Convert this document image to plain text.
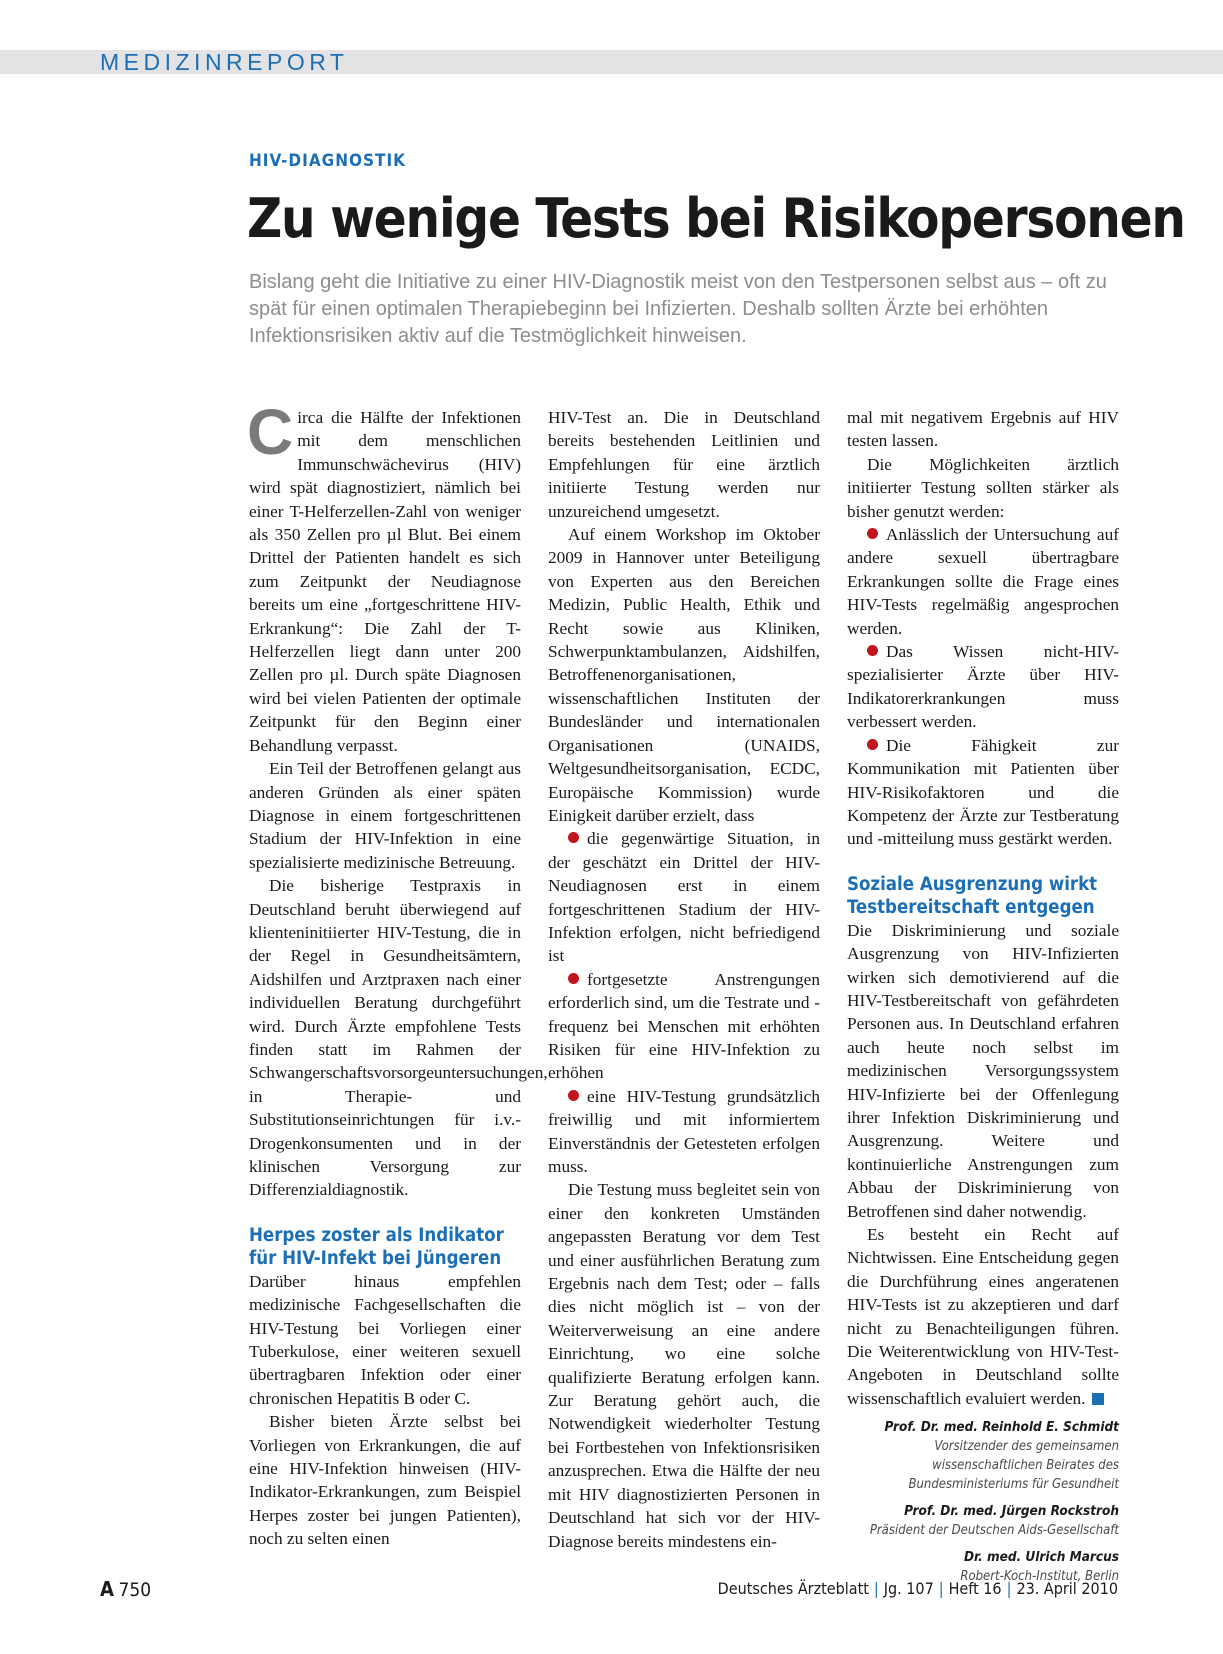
MEDIZINREPORT
HIV-DIAGNOSTIK
Zu wenige Tests bei Risikopersonen
Bislang geht die Initiative zu einer HIV-Diagnostik meist von den Testpersonen selbst aus – oft zu spät für einen optimalen Therapiebeginn bei Infizierten. Deshalb sollten Ärzte bei erhöhten Infektionsrisiken aktiv auf die Testmöglichkeit hinweisen.

Circa die Hälfte der Infektionen mit dem menschlichen Immunschwächevirus (HIV) wird spät diagnostiziert, nämlich bei einer T-Helferzellen-Zahl von weniger als 350 Zellen pro µl Blut. Bei einem Drittel der Patienten handelt es sich zum Zeitpunkt der Neudiagnose bereits um eine „fortgeschrittene HIV-Erkrankung“: Die Zahl der T-Helferzellen liegt dann unter 200 Zellen pro µl. Durch späte Diagnosen wird bei vielen Patienten der optimale Zeitpunkt für den Beginn einer Behandlung verpasst.

Ein Teil der Betroffenen gelangt aus anderen Gründen als einer späten Diagnose in einem fortgeschrittenen Stadium der HIV-Infektion in eine spezialisierte medizinische Betreuung.

Die bisherige Testpraxis in Deutschland beruht überwiegend auf klienteninitiierter HIV-Testung, die in der Regel in Gesundheitsämtern, Aidshilfen und Arztpraxen nach einer individuellen Beratung durchgeführt wird. Durch Ärzte empfohlene Tests finden statt im Rahmen der Schwangerschaftsvorsorgeuntersuchungen, in Therapie- und Substitutionseinrichtungen für i.v.-Drogenkonsumenten und in der klinischen Versorgung zur Differenzialdiagnostik.

Herpes zoster als Indikator für HIV-Infekt bei Jüngeren

Darüber hinaus empfehlen medizinische Fachgesellschaften die HIV-Testung bei Vorliegen einer Tuberkulose, einer weiteren sexuell übertragbaren Infektion oder einer chronischen Hepatitis B oder C.

Bisher bieten Ärzte selbst bei Vorliegen von Erkrankungen, die auf eine HIV-Infektion hinweisen (HIV-Indikator-Erkrankungen, zum Beispiel Herpes zoster bei jungen Patienten), noch zu selten einen

HIV-Test an. Die in Deutschland bereits bestehenden Leitlinien und Empfehlungen für eine ärztlich initiierte Testung werden nur unzureichend umgesetzt.

Auf einem Workshop im Oktober 2009 in Hannover unter Beteiligung von Experten aus den Bereichen Medizin, Public Health, Ethik und Recht sowie aus Kliniken, Schwerpunktambulanzen, Aidshilfen, Betroffenenorganisationen, wissenschaftlichen Instituten der Bundesländer und internationalen Organisationen (UNAIDS, Weltgesundheitsorganisation, ECDC, Europäische Kommission) wurde Einigkeit darüber erzielt, dass

die gegenwärtige Situation, in der geschätzt ein Drittel der HIV-Neudiagnosen erst in einem fortgeschrittenen Stadium der HIV-Infektion erfolgen, nicht befriedigend ist

fortgesetzte Anstrengungen erforderlich sind, um die Testrate und -frequenz bei Menschen mit erhöhten Risiken für eine HIV-Infektion zu erhöhen

eine HIV-Testung grundsätzlich freiwillig und mit informiertem Einverständnis der Getesteten erfolgen muss.

Die Testung muss begleitet sein von einer den konkreten Umständen angepassten Beratung vor dem Test und einer ausführlichen Beratung zum Ergebnis nach dem Test; oder – falls dies nicht möglich ist – von der Weiterverweisung an eine andere Einrichtung, wo eine solche qualifizierte Beratung erfolgen kann. Zur Beratung gehört auch, die Notwendigkeit wiederholter Testung bei Fortbestehen von Infektionsrisiken anzusprechen. Etwa die Hälfte der neu mit HIV diagnostizierten Personen in Deutschland hat sich vor der HIV-Diagnose bereits mindestens ein-

mal mit negativem Ergebnis auf HIV testen lassen.

Die Möglichkeiten ärztlich initiierter Testung sollten stärker als bisher genutzt werden:

Anlässlich der Untersuchung auf andere sexuell übertragbare Erkrankungen sollte die Frage eines HIV-Tests regelmäßig angesprochen werden.

Das Wissen nicht-HIV-spezialisierter Ärzte über HIV-Indikatorerkrankungen muss verbessert werden.

Die Fähigkeit zur Kommunikation mit Patienten über HIV-Risikofaktoren und die Kompetenz der Ärzte zur Testberatung und -mitteilung muss gestärkt werden.

Soziale Ausgrenzung wirkt Testbereitschaft entgegen

Die Diskriminierung und soziale Ausgrenzung von HIV-Infizierten wirken sich demotivierend auf die HIV-Testbereitschaft von gefährdeten Personen aus. In Deutschland erfahren auch heute noch selbst im medizinischen Versorgungssystem HIV-Infizierte bei der Offenlegung ihrer Infektion Diskriminierung und Ausgrenzung. Weitere und kontinuierliche Anstrengungen zum Abbau der Diskriminierung von Betroffenen sind daher notwendig.

Es besteht ein Recht auf Nichtwissen. Eine Entscheidung gegen die Durchführung eines angeratenen HIV-Tests ist zu akzeptieren und darf nicht zu Benachteiligungen führen. Die Weiterentwicklung von HIV-Test-Angeboten in Deutschland sollte wissenschaftlich evaluiert werden.

Prof. Dr. med. Reinhold E. Schmidt
Vorsitzender des gemeinsamen wissenschaftlichen Beirates des Bundesministeriums für Gesundheit
Prof. Dr. med. Jürgen Rockstroh
Präsident der Deutschen Aids-Gesellschaft
Dr. med. Ulrich Marcus
Robert-Koch-Institut, Berlin
A 750	Deutsches Ärzteblatt | Jg. 107 | Heft 16 | 23. April 2010
